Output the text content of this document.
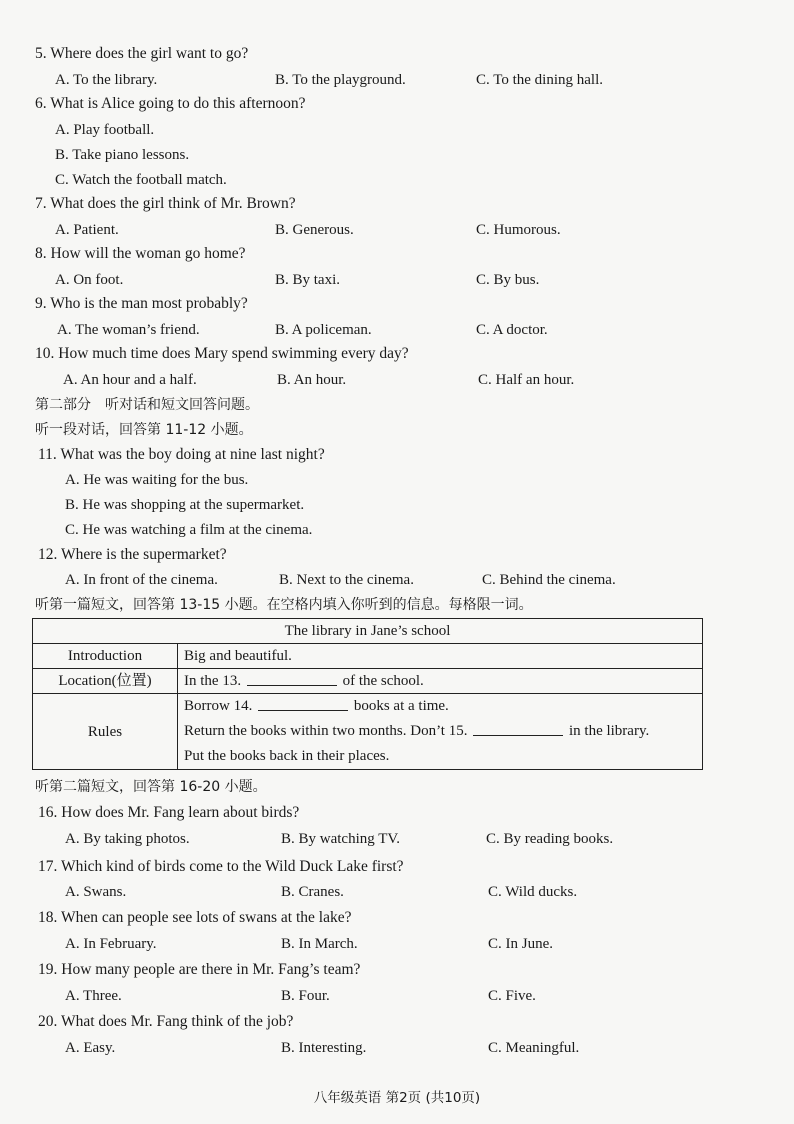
5. Where does the girl want to go?
A. To the library.	B. To the playground.	C. To the dining hall.
6. What is Alice going to do this afternoon?
A. Play football.
B. Take piano lessons.
C. Watch the football match.
7. What does the girl think of Mr. Brown?
A. Patient.	B. Generous.	C. Humorous.
8. How will the woman go home?
A. On foot.	B. By taxi.	C. By bus.
9. Who is the man most probably?
A. The woman’s friend.	B. A policeman.	C. A doctor.
10. How much time does Mary spend swimming every day?
A. An hour and a half.	B. An hour.	C. Half an hour.
第二部分　听对话和短文回答问题。
听一段对话，回答第 11-12 小题。
11. What was the boy doing at nine last night?
A. He was waiting for the bus.
B. He was shopping at the supermarket.
C. He was watching a film at the cinema.
12. Where is the supermarket?
A. In front of the cinema.	B. Next to the cinema.	C. Behind the cinema.
听第一篇短文，回答第 13-15 小题。在空格内填入你听到的信息。每格限一词。
The library in Jane’s school	
Introduction	Big and beautiful.
Location(位置)	In the 13. of the school.
Rules	Borrow 14. books at a time.
Return the books within two months. Don’t 15. in the library.
Put the books back in their places.
听第二篇短文，回答第 16-20 小题。
16. How does Mr. Fang learn about birds?
A. By taking photos.	B. By watching TV.	C. By reading books.
17. Which kind of birds come to the Wild Duck Lake first?
A. Swans.	B. Cranes.	C. Wild ducks.
18. When can people see lots of swans at the lake?
A. In February.	B. In March.	C. In June.
19. How many people are there in Mr. Fang’s team?
A. Three.	B. Four.	C. Five.
20. What does Mr. Fang think of the job?
A. Easy.	B. Interesting.	C. Meaningful.
八年级英语 第2页 (共10页)
